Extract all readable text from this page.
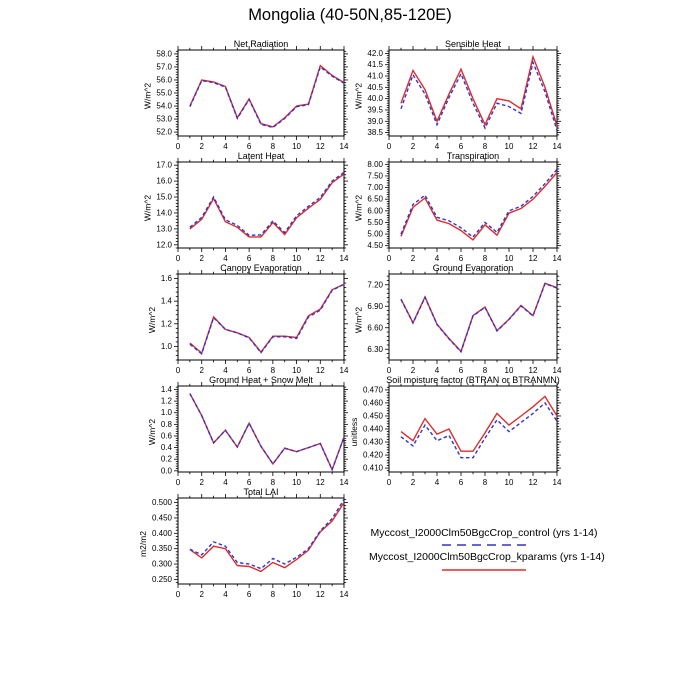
Mongolia (40-50N,85-120E)
0 2 4 6 8 10 12 14
52.0
53.0
54.0
55.0
56.0
57.0
58.0
Net Radiation
W/m^2
0 2 4 6 8 10 12 14
38.5
39.0
39.5
40.0
40.5
41.0
41.5
42.0
Sensible Heat
W/m^2
0 2 4 6 8 10 12 14
12.0
13.0
14.0
15.0
16.0
17.0
Latent Heat
W/m^2
0 2 4 6 8 10 12 14
4.50
5.00
5.50
6.00
6.50
7.00
7.50
8.00
Transpiration
W/m^2
0 2 4 6 8 10 12 14
1.0
1.2
1.4
1.6
Canopy Evaporation
W/m^2
0 2 4 6 8 10 12 14
6.30
6.60
6.90
7.20
Ground Evaporation
W/m^2
0 2 4 6 8 10 12 14
0.0
0.2
0.4
0.6
0.8
1.0
1.2
1.4
Ground Heat + Snow Melt
W/m^2
0 2 4 6 8 10 12 14
0.410
0.420
0.430
0.440
0.450
0.460
0.470
Soil moisture factor (BTRAN or BTRANMN)
unitless
0 2 4 6 8 10 12 14
0.250
0.300
0.350
0.400
0.450
0.500
Total LAI
m2/m2	Myccost_I2000Clm50BgcCrop_control (yrs 1-14)
Myccost_I2000Clm50BgcCrop_kparams (yrs 1-14)
